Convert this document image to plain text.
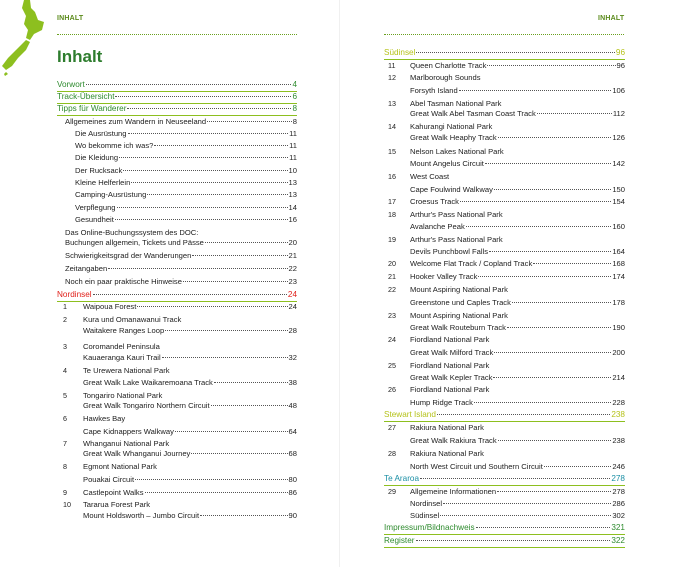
INHALT
Inhalt
Vorwort	4
Track-Übersicht	6
Tipps für Wanderer	8
Allgemeines zum Wandern in Neuseeland	8
Die Ausrüstung	11
Wo bekomme ich was?	11
Die Kleidung	11
Der Rucksack	10
Kleine Helferlein	13
Camping-Ausrüstung	13
Verpflegung	14
Gesundheit	16
Das Online-Buchungssystem des DOC:
Buchungen allgemein, Tickets und Pässe	20
Schwierigkeitsgrad der Wanderungen	21
Zeitangaben	22
Noch ein paar praktische Hinweise	23
Nordinsel	24
1 Waipoua Forest	24
2 Kura und Omanawanui Track
Waitakere Ranges Loop	28
3 Coromandel Peninsula
Kauaeranga Kauri Trail	32
4 Te Urewera National Park
Great Walk Lake Waikaremoana Track	38
5 Tongariro National Park
Great Walk Tongariro Northern Circuit	48
6 Hawkes Bay
Cape Kidnappers Walkway	64
7 Whanganui National Park
Great Walk Whanganui Journey	68
8 Egmont National Park
Pouakai Circuit	80
9 Castlepoint Walks	86
10 Tararua Forest Park
Mount Holdsworth – Jumbo Circuit	90
INHALT
Südinsel	96
11 Queen Charlotte Track	96
12 Marlborough Sounds
Forsyth Island	106
13 Abel Tasman National Park
Great Walk Abel Tasman Coast Track	112
14 Kahurangi National Park
Great Walk Heaphy Track	126
15 Nelson Lakes National Park
Mount Angelus Circuit	142
16 West Coast
Cape Foulwind Walkway	150
17 Croesus Track	154
18 Arthur's Pass National Park
Avalanche Peak	160
19 Arthur's Pass National Park
Devils Punchbowl Falls	164
20 Welcome Flat Track / Copland Track	168
21 Hooker Valley Track	174
22 Mount Aspiring National Park
Greenstone und Caples Track	178
23 Mount Aspiring National Park
Great Walk Routeburn Track	190
24 Fiordland National Park
Great Walk Milford Track	200
25 Fiordland National Park
Great Walk Kepler Track	214
26 Fiordland National Park
Hump Ridge Track	228
Stewart Island	238
27 Rakiura National Park
Great Walk Rakiura Track	238
28 Rakiura National Park
North West Circuit und Southern Circuit	246
Te Araroa	278
29 Allgemeine Informationen	278
Nordinsel	286
Südinsel	302
Impressum/Bildnachweis	321
Register	322
